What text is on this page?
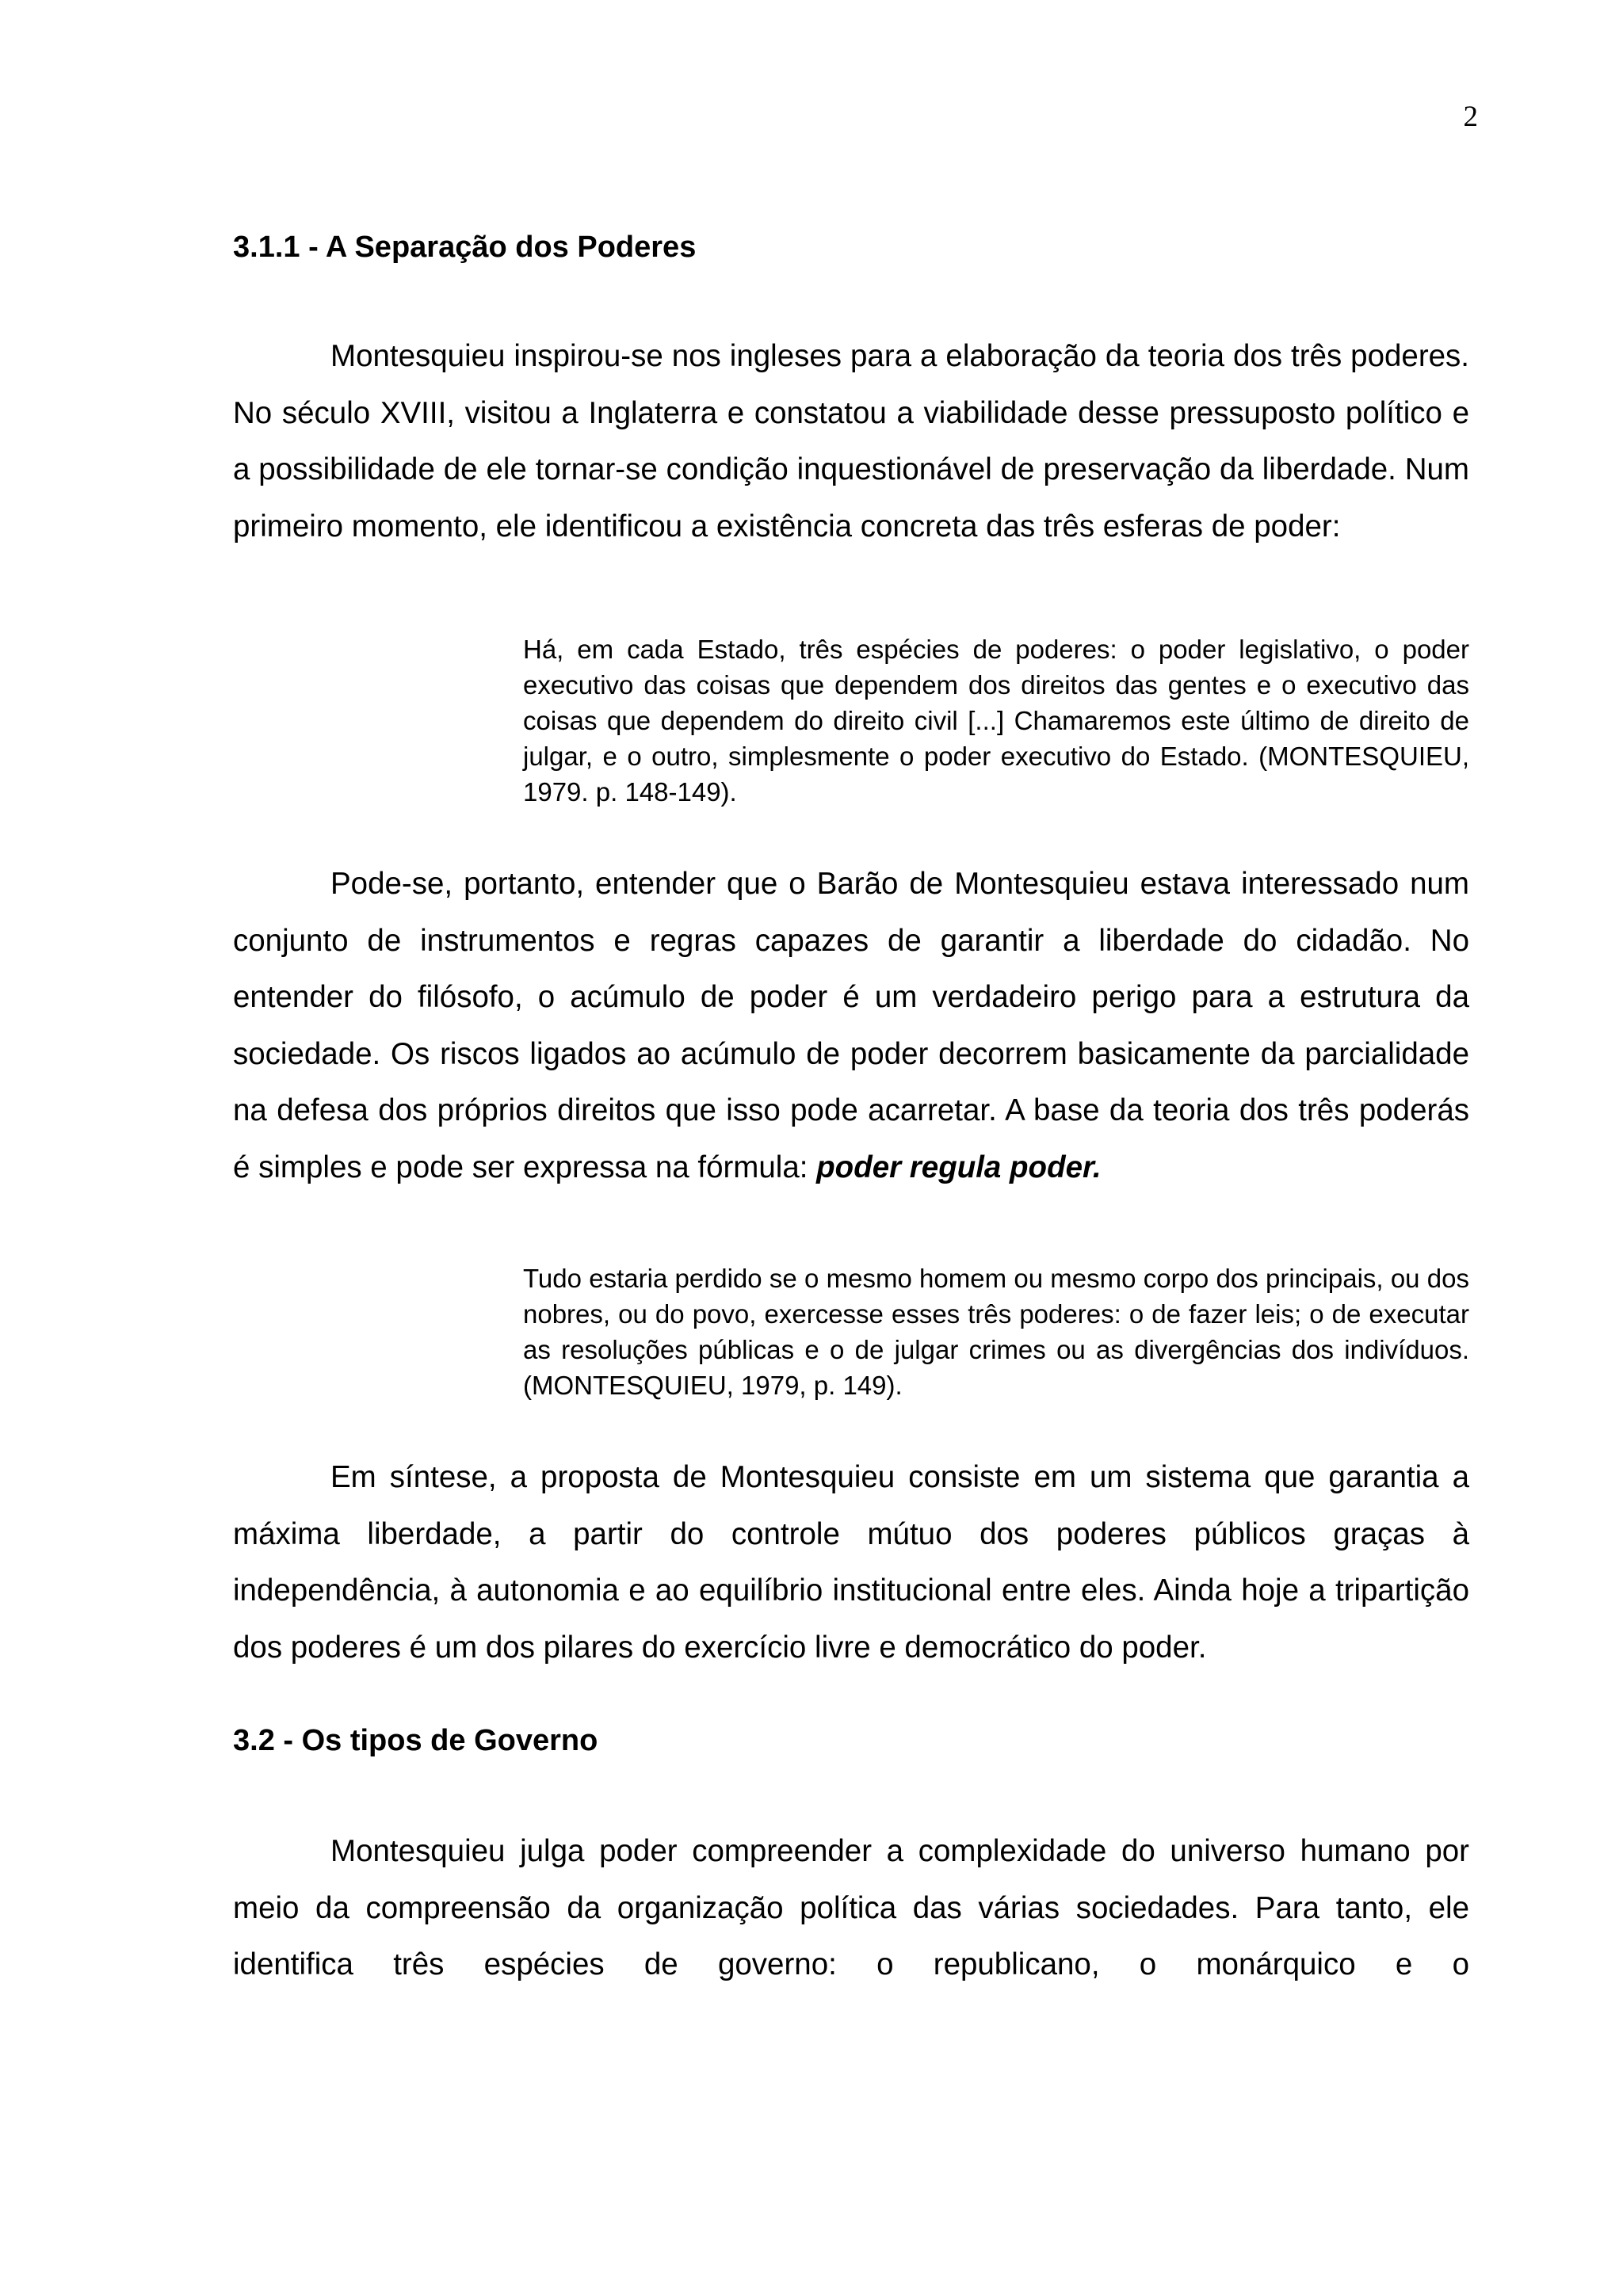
2
3.1.1 - A Separação dos Poderes

Montesquieu inspirou-se nos ingleses para a elaboração da teoria dos três poderes. No século XVIII, visitou a Inglaterra e constatou a viabilidade desse pressuposto político e a possibilidade de ele tornar-se condição inquestionável de preservação da liberdade. Num primeiro momento, ele identificou a existência concreta das três esferas de poder:

Há, em cada Estado, três espécies de poderes: o poder legislativo, o poder executivo das coisas que dependem dos direitos das gentes e o executivo das coisas que dependem do direito civil [...] Chamaremos este último de direito de julgar, e o outro, simplesmente o poder executivo do Estado. (MONTESQUIEU, 1979. p. 148-149).

Pode-se, portanto, entender que o Barão de Montesquieu estava interessado num conjunto de instrumentos e regras capazes de garantir a liberdade do cidadão. No entender do filósofo, o acúmulo de poder é um verdadeiro perigo para a estrutura da sociedade. Os riscos ligados ao acúmulo de poder decorrem basicamente da parcialidade na defesa dos próprios direitos que isso pode acarretar. A base da teoria dos três poderás é simples e pode ser expressa na fórmula: poder regula poder.

Tudo estaria perdido se o mesmo homem ou mesmo corpo dos principais, ou dos nobres, ou do povo, exercesse esses três poderes: o de fazer leis; o de executar as resoluções públicas e o de julgar crimes ou as divergências dos indivíduos. (MONTESQUIEU, 1979, p. 149).

Em síntese, a proposta de Montesquieu consiste em um sistema que garantia a máxima liberdade, a partir do controle mútuo dos poderes públicos graças à independência, à autonomia e ao equilíbrio institucional entre eles. Ainda hoje a tripartição dos poderes é um dos pilares do exercício livre e democrático do poder.

3.2 - Os tipos de Governo

Montesquieu julga poder compreender a complexidade do universo humano por meio da compreensão da organização política das várias sociedades. Para tanto, ele identifica três espécies de governo: o republicano, o monárquico e o
